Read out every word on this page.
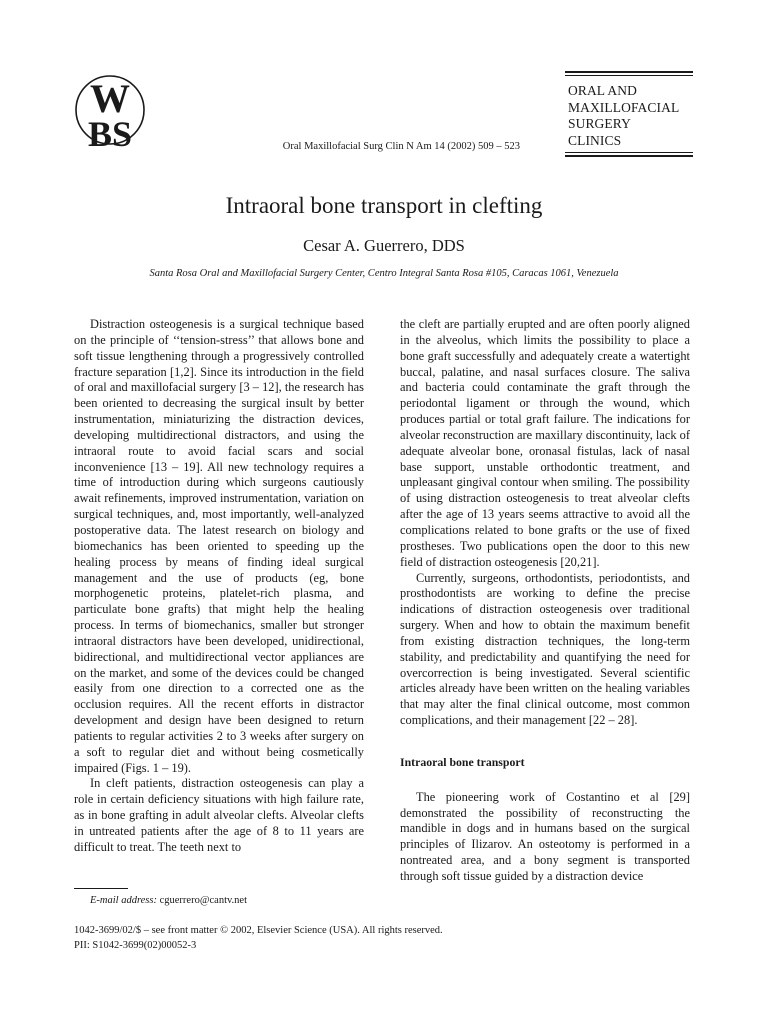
W
BS
ORAL AND
MAXILLOFACIAL
SURGERY
CLINICS
Oral Maxillofacial Surg Clin N Am 14 (2002) 509 – 523
Intraoral bone transport in clefting
Cesar A. Guerrero, DDS
Santa Rosa Oral and Maxillofacial Surgery Center, Centro Integral Santa Rosa #105, Caracas 1061, Venezuela

Distraction osteogenesis is a surgical technique based on the principle of ‘‘tension-stress’’ that allows bone and soft tissue lengthening through a progressively controlled fracture separation [1,2]. Since its introduction in the field of oral and maxillofacial surgery [3 – 12], the research has been oriented to decreasing the surgical insult by better instrumentation, miniaturizing the distraction devices, developing multidirectional distractors, and using the intraoral route to avoid facial scars and social inconvenience [13 – 19]. All new technology requires a time of introduction during which surgeons cautiously await refinements, improved instrumentation, variation on surgical techniques, and, most importantly, well-analyzed postoperative data. The latest research on biology and biomechanics has been oriented to speeding up the healing process by means of finding ideal surgical management and the use of products (eg, bone morphogenetic proteins, platelet-rich plasma, and particulate bone grafts) that might help the healing process. In terms of biomechanics, smaller but stronger intraoral distractors have been developed, unidirectional, bidirectional, and multidirectional vector appliances are on the market, and some of the devices could be changed easily from one direction to a corrected one as the occlusion requires. All the recent efforts in distractor development and design have been designed to return patients to regular activities 2 to 3 weeks after surgery on a soft to regular diet and without being cosmetically impaired (Figs. 1 – 19).

In cleft patients, distraction osteogenesis can play a role in certain deficiency situations with high failure rate, as in bone grafting in adult alveolar clefts. Alveolar clefts in untreated patients after the age of 8 to 11 years are difficult to treat. The teeth next to

the cleft are partially erupted and are often poorly aligned in the alveolus, which limits the possibility to place a bone graft successfully and adequately create a watertight buccal, palatine, and nasal surfaces closure. The saliva and bacteria could contaminate the graft through the periodontal ligament or through the wound, which produces partial or total graft failure. The indications for alveolar reconstruction are maxillary discontinuity, lack of adequate alveolar bone, oronasal fistulas, lack of nasal base support, unstable orthodontic treatment, and unpleasant gingival contour when smiling. The possibility of using distraction osteogenesis to treat alveolar clefts after the age of 13 years seems attractive to avoid all the complications related to bone grafts or the use of fixed prostheses. Two publications open the door to this new field of distraction osteogenesis [20,21].

Currently, surgeons, orthodontists, periodontists, and prosthodontists are working to define the precise indications of distraction osteogenesis over traditional surgery. When and how to obtain the maximum benefit from existing distraction techniques, the long-term stability, and predictability and quantifying the need for overcorrection is being investigated. Several scientific articles already have been written on the healing variables that may alter the final clinical outcome, most common complications, and their management [22 – 28].

Intraoral bone transport

The pioneering work of Costantino et al [29] demonstrated the possibility of reconstructing the mandible in dogs and in humans based on the surgical principles of Ilizarov. An osteotomy is performed in a nontreated area, and a bony segment is transported through soft tissue guided by a distraction device

E-mail address: cguerrero@cantv.net
1042-3699/02/$ – see front matter © 2002, Elsevier Science (USA). All rights reserved.
PII: S1042-3699(02)00052-3
